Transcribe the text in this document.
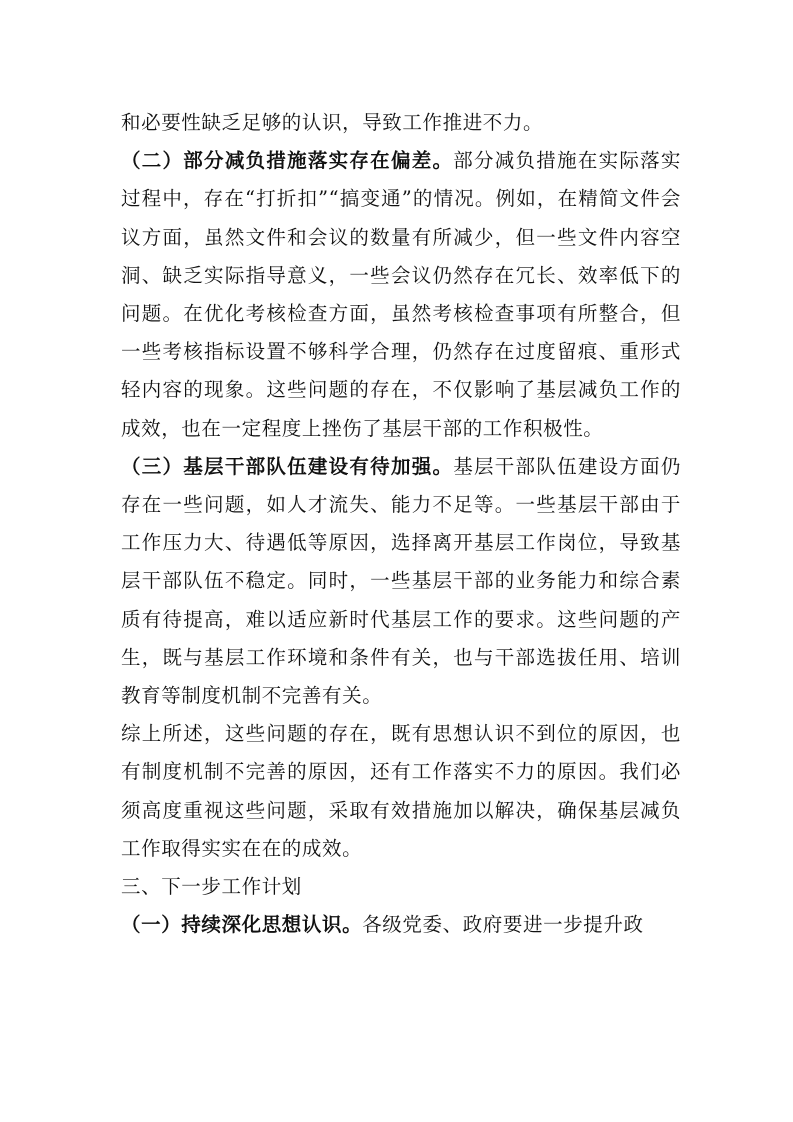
和必要性缺乏足够的认识，导致工作推进不力。

（二）部分减负措施落实存在偏差。部分减负措施在实际落实过程中，存在“打折扣”“搞变通”的情况。例如，在精简文件会议方面，虽然文件和会议的数量有所减少，但一些文件内容空洞、缺乏实际指导意义，一些会议仍然存在冗长、效率低下的问题。在优化考核检查方面，虽然考核检查事项有所整合，但一些考核指标设置不够科学合理，仍然存在过度留痕、重形式轻内容的现象。这些问题的存在，不仅影响了基层减负工作的成效，也在一定程度上挫伤了基层干部的工作积极性。

（三）基层干部队伍建设有待加强。基层干部队伍建设方面仍存在一些问题，如人才流失、能力不足等。一些基层干部由于工作压力大、待遇低等原因，选择离开基层工作岗位，导致基层干部队伍不稳定。同时，一些基层干部的业务能力和综合素质有待提高，难以适应新时代基层工作的要求。这些问题的产生，既与基层工作环境和条件有关，也与干部选拔任用、培训教育等制度机制不完善有关。

综上所述，这些问题的存在，既有思想认识不到位的原因，也有制度机制不完善的原因，还有工作落实不力的原因。我们必须高度重视这些问题，采取有效措施加以解决，确保基层减负工作取得实实在在的成效。

三、下一步工作计划

（一）持续深化思想认识。各级党委、政府要进一步提升政
